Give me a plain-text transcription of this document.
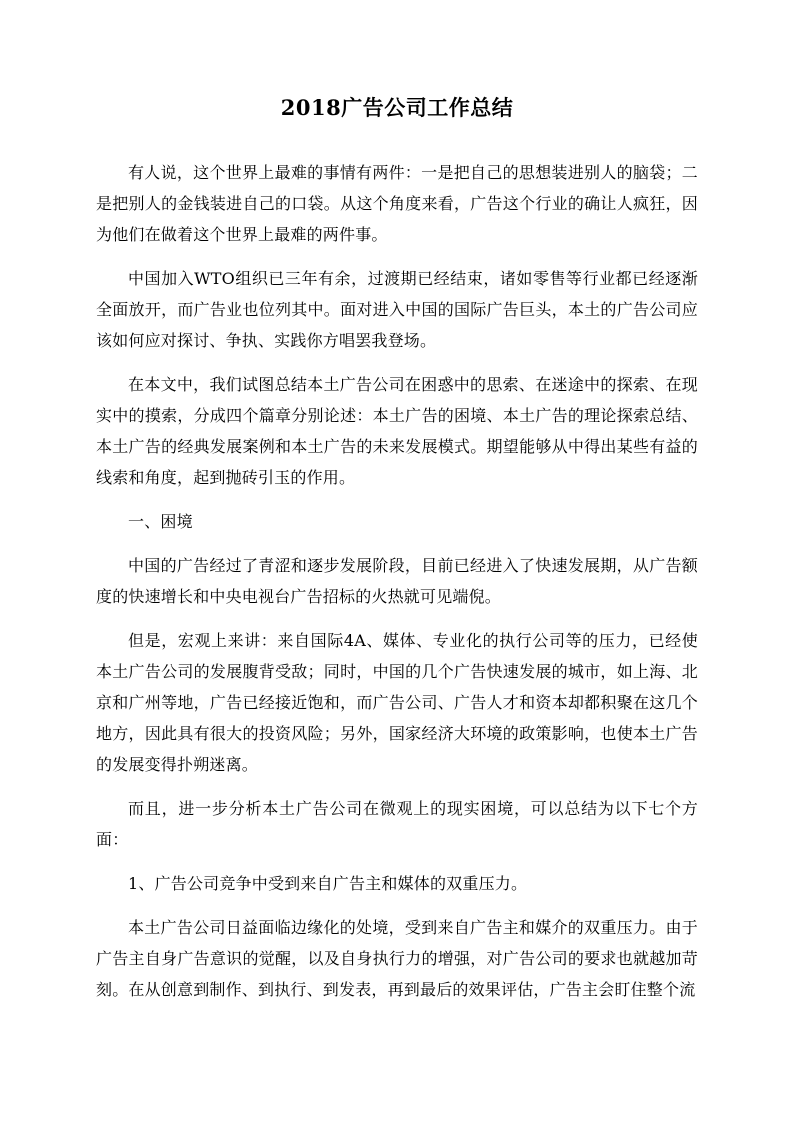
2018广告公司工作总结

有人说，这个世界上最难的事情有两件：一是把自己的思想装进别人的脑袋；二是把别人的金钱装进自己的口袋。从这个角度来看，广告这个行业的确让人疯狂，因为他们在做着这个世界上最难的两件事。

中国加入WTO组织已三年有余，过渡期已经结束，诸如零售等行业都已经逐渐全面放开，而广告业也位列其中。面对进入中国的国际广告巨头，本土的广告公司应该如何应对探讨、争执、实践你方唱罢我登场。

在本文中，我们试图总结本土广告公司在困惑中的思索、在迷途中的探索、在现实中的摸索，分成四个篇章分别论述：本土广告的困境、本土广告的理论探索总结、本土广告的经典发展案例和本土广告的未来发展模式。期望能够从中得出某些有益的线索和角度，起到抛砖引玉的作用。

一、困境

中国的广告经过了青涩和逐步发展阶段，目前已经进入了快速发展期，从广告额度的快速增长和中央电视台广告招标的火热就可见端倪。

但是，宏观上来讲：来自国际4A、媒体、专业化的执行公司等的压力，已经使本土广告公司的发展腹背受敌；同时，中国的几个广告快速发展的城市，如上海、北京和广州等地，广告已经接近饱和，而广告公司、广告人才和资本却都积聚在这几个地方，因此具有很大的投资风险；另外，国家经济大环境的政策影响，也使本土广告的发展变得扑朔迷离。

而且，进一步分析本土广告公司在微观上的现实困境，可以总结为以下七个方面：

1、广告公司竞争中受到来自广告主和媒体的双重压力。

本土广告公司日益面临边缘化的处境，受到来自广告主和媒介的双重压力。由于广告主自身广告意识的觉醒，以及自身执行力的增强，对广告公司的要求也就越加苛刻。在从创意到制作、到执行、到发表，再到最后的效果评估，广告主会盯住整个流
